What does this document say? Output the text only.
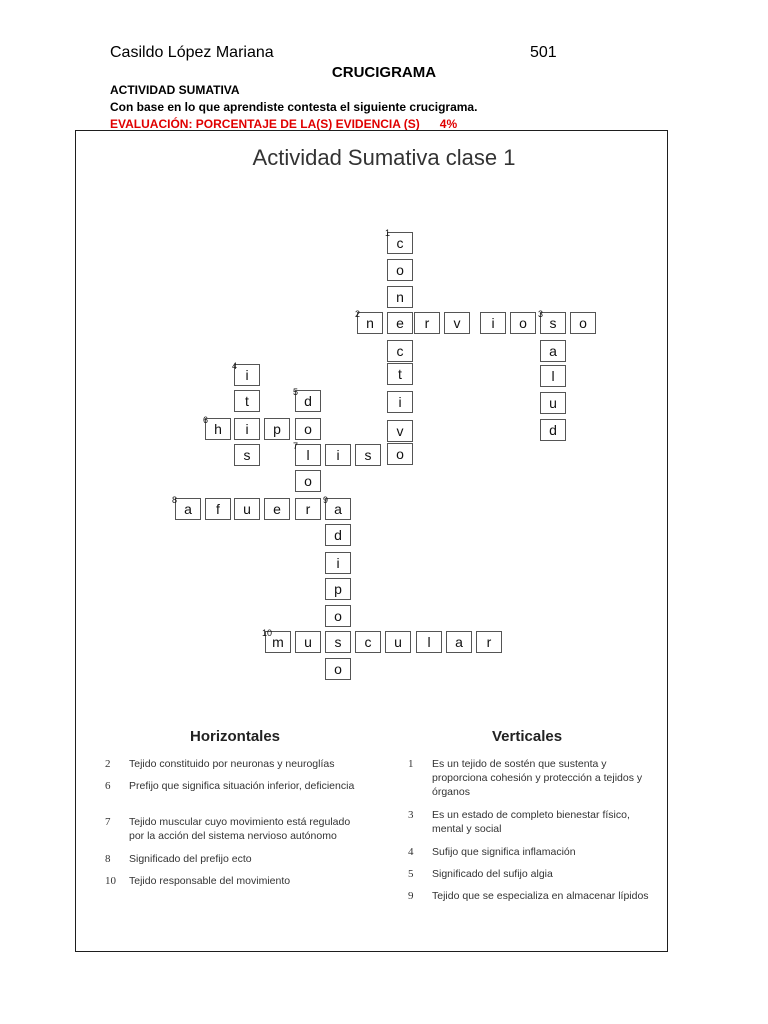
Casildo López Mariana	501
CRUCIGRAMA
ACTIVIDAD SUMATIVA
Con base en lo que aprendiste contesta el siguiente crucigrama.
EVALUACIÓN: PORCENTAJE DE LA(S) EVIDENCIA (S) 4%
Actividad Sumativa clase 1
c
o
n
e
c
t
i
v
o
n	r	v	i	o	s	o
a
l
u
d
i
t
i
s
d
o
l
o
h	p
i	s
a	f	u	e	r	a
d
i
p
o
s
o
m	u	c	u	l	a	r
1
2	3
4
5
6
7
8	9
10
Horizontales	Verticales
2 Tejido constituido por neuronas y neuroglías
6 Prefijo que significa situación inferior, deficiencia
7 Tejido muscular cuyo movimiento está regulado por la acción del sistema nervioso autónomo
8 Significado del prefijo ecto
10 Tejido responsable del movimiento
1 Es un tejido de sostén que sustenta y proporciona cohesión y protección a tejidos y órganos
3 Es un estado de completo bienestar físico, mental y social
4 Sufijo que significa inflamación
5 Significado del sufijo algia
9 Tejido que se especializa en almacenar lípidos
